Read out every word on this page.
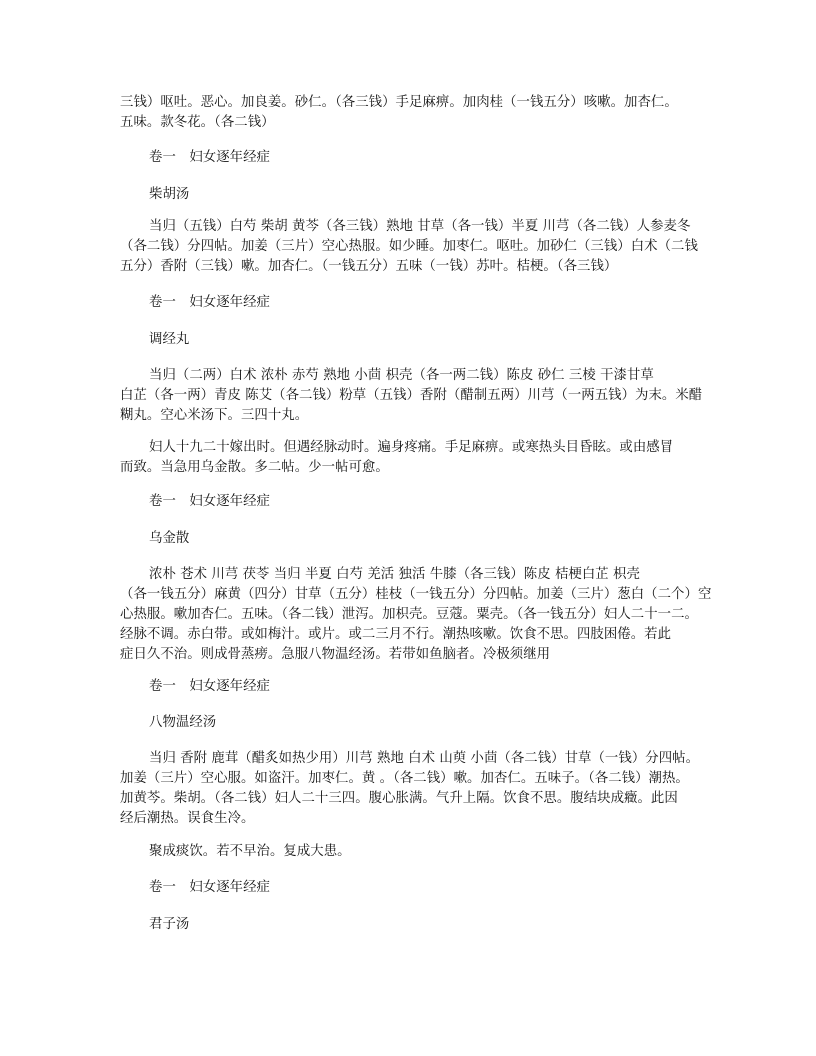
三钱）呕吐。恶心。加良姜。砂仁。（各三钱）手足麻痹。加肉桂（一钱五分）咳嗽。加杏仁。
五味。款冬花。（各二钱）
卷一　妇女逐年经症
柴胡汤
当归（五钱）白芍 柴胡 黄芩（各三钱）熟地 甘草（各一钱）半夏 川芎（各二钱）人参麦冬
（各二钱）分四帖。加姜（三片）空心热服。如少睡。加枣仁。呕吐。加砂仁（三钱）白术（二钱
五分）香附（三钱）嗽。加杏仁。（一钱五分）五味（一钱）苏叶。桔梗。（各三钱）
卷一　妇女逐年经症
调经丸
当归（二两）白术 浓朴 赤芍 熟地 小茴 枳壳（各一两二钱）陈皮 砂仁 三棱 干漆甘草
白芷（各一两）青皮 陈艾（各二钱）粉草（五钱）香附（醋制五两）川芎（一两五钱）为末。米醋
糊丸。空心米汤下。三四十丸。
妇人十九二十嫁出时。但遇经脉动时。遍身疼痛。手足麻痹。或寒热头目昏眩。或由感冒
而致。当急用乌金散。多二帖。少一帖可愈。
卷一　妇女逐年经症
乌金散
浓朴 苍术 川芎 茯苓 当归 半夏 白芍 羌活 独活 牛膝（各三钱）陈皮 桔梗白芷 枳壳
（各一钱五分）麻黄（四分）甘草（五分）桂枝（一钱五分）分四帖。加姜（三片）葱白（二个）空
心热服。嗽加杏仁。五味。（各二钱）泄泻。加枳壳。豆蔻。粟壳。（各一钱五分）妇人二十一二。
经脉不调。赤白带。或如梅汁。或片。或二三月不行。潮热咳嗽。饮食不思。四肢困倦。若此
症日久不治。则成骨蒸痨。急服八物温经汤。若带如鱼脑者。冷极须继用
卷一　妇女逐年经症
八物温经汤
当归 香附 鹿茸（醋炙如热少用）川芎 熟地 白术 山萸 小茴（各二钱）甘草（一钱）分四帖。
加姜（三片）空心服。如盗汗。加枣仁。黄 。（各二钱）嗽。加杏仁。五味子。（各二钱）潮热。
加黄芩。柴胡。（各二钱）妇人二十三四。腹心胀满。气升上隔。饮食不思。腹结块成癥。此因
经后潮热。误食生冷。
聚成痰饮。若不早治。复成大患。
卷一　妇女逐年经症
君子汤
